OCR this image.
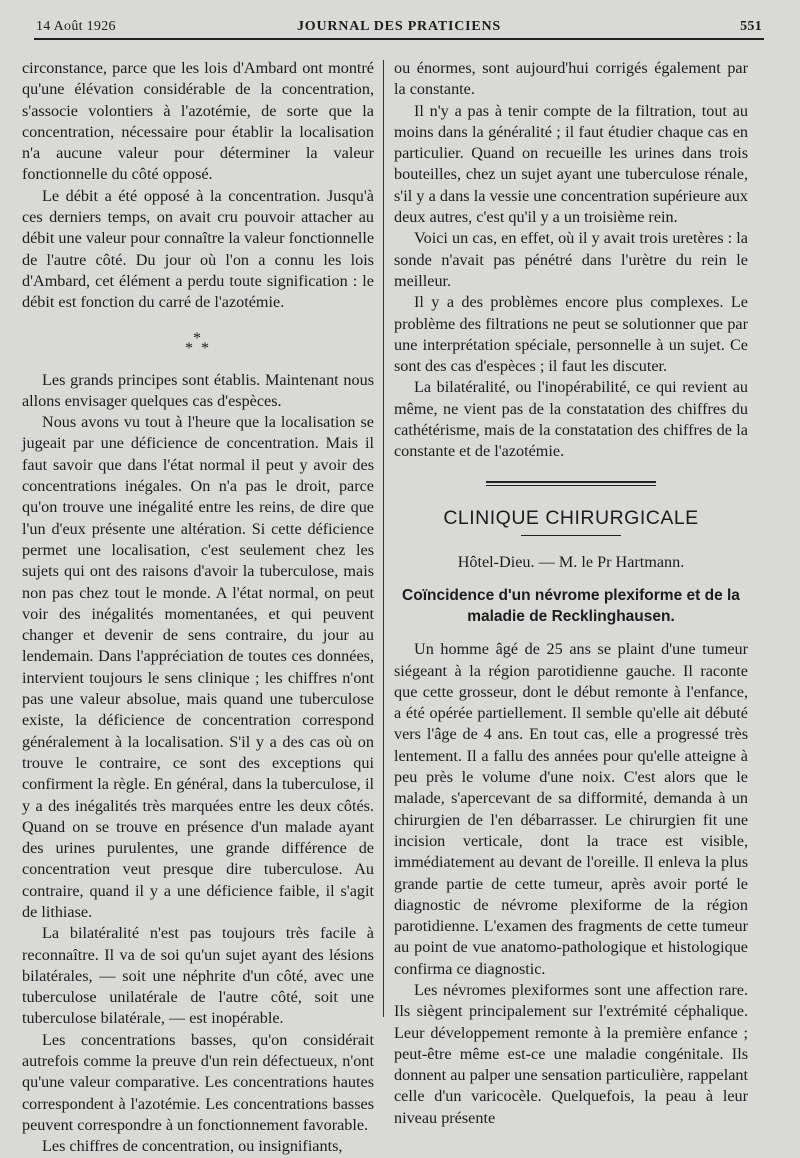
14 Août 1926	JOURNAL DES PRATICIENS	551

circonstance, parce que les lois d'Ambard ont montré qu'une élévation considérable de la concentration, s'associe volontiers à l'azotémie, de sorte que la concentration, nécessaire pour établir la localisation n'a aucune valeur pour déterminer la valeur fonctionnelle du côté opposé.

Le débit a été opposé à la concentration. Jusqu'à ces derniers temps, on avait cru pouvoir attacher au débit une valeur pour connaître la valeur fonctionnelle de l'autre côté. Du jour où l'on a connu les lois d'Ambard, cet élément a perdu toute signification : le débit est fonction du carré de l'azotémie.

*
* *

Les grands principes sont établis. Maintenant nous allons envisager quelques cas d'espèces.

Nous avons vu tout à l'heure que la localisation se jugeait par une déficience de concentration. Mais il faut savoir que dans l'état normal il peut y avoir des concentrations inégales. On n'a pas le droit, parce qu'on trouve une inégalité entre les reins, de dire que l'un d'eux présente une altération. Si cette déficience permet une localisation, c'est seulement chez les sujets qui ont des raisons d'avoir la tuberculose, mais non pas chez tout le monde. A l'état normal, on peut voir des inégalités momentanées, et qui peuvent changer et devenir de sens contraire, du jour au lendemain. Dans l'appréciation de toutes ces données, intervient toujours le sens clinique ; les chiffres n'ont pas une valeur absolue, mais quand une tuberculose existe, la déficience de concentration correspond généralement à la localisation. S'il y a des cas où on trouve le contraire, ce sont des exceptions qui confirment la règle. En général, dans la tuberculose, il y a des inégalités très marquées entre les deux côtés. Quand on se trouve en présence d'un malade ayant des urines purulentes, une grande différence de concentration veut presque dire tuberculose. Au contraire, quand il y a une déficience faible, il s'agit de lithiase.

La bilatéralité n'est pas toujours très facile à reconnaître. Il va de soi qu'un sujet ayant des lésions bilatérales, — soit une néphrite d'un côté, avec une tuberculose unilatérale de l'autre côté, soit une tuberculose bilatérale, — est inopérable.

Les concentrations basses, qu'on considérait autrefois comme la preuve d'un rein défectueux, n'ont qu'une valeur comparative. Les concentrations hautes correspondent à l'azotémie. Les concentrations basses peuvent correspondre à un fonctionnement favorable.

Les chiffres de concentration, ou insignifiants,

ou énormes, sont aujourd'hui corrigés également par la constante.

Il n'y a pas à tenir compte de la filtration, tout au moins dans la généralité ; il faut étudier chaque cas en particulier. Quand on recueille les urines dans trois bouteilles, chez un sujet ayant une tuberculose rénale, s'il y a dans la vessie une concentration supérieure aux deux autres, c'est qu'il y a un troisième rein.

Voici un cas, en effet, où il y avait trois uretères : la sonde n'avait pas pénétré dans l'urètre du rein le meilleur.

Il y a des problèmes encore plus complexes. Le problème des filtrations ne peut se solutionner que par une interprétation spéciale, personnelle à un sujet. Ce sont des cas d'espèces ; il faut les discuter.

La bilatéralité, ou l'inopérabilité, ce qui revient au même, ne vient pas de la constatation des chiffres du cathétérisme, mais de la constatation des chiffres de la constante et de l'azotémie.

CLINIQUE CHIRURGICALE
Hôtel-Dieu. — M. le Pr Hartmann.
Coïncidence d'un névrome plexiforme et de la maladie de Recklinghausen.

Un homme âgé de 25 ans se plaint d'une tumeur siégeant à la région parotidienne gauche. Il raconte que cette grosseur, dont le début remonte à l'enfance, a été opérée partiellement. Il semble qu'elle ait débuté vers l'âge de 4 ans. En tout cas, elle a progressé très lentement. Il a fallu des années pour qu'elle atteigne à peu près le volume d'une noix. C'est alors que le malade, s'apercevant de sa difformité, demanda à un chirurgien de l'en débarrasser. Le chirurgien fit une incision verticale, dont la trace est visible, immédiatement au devant de l'oreille. Il enleva la plus grande partie de cette tumeur, après avoir porté le diagnostic de névrome plexiforme de la région parotidienne. L'examen des fragments de cette tumeur au point de vue anatomo-pathologique et histologique confirma ce diagnostic.

Les névromes plexiformes sont une affection rare. Ils siègent principalement sur l'extrémité céphalique. Leur développement remonte à la première enfance ; peut-être même est-ce une maladie congénitale. Ils donnent au palper une sensation particulière, rappelant celle d'un varicocèle. Quelquefois, la peau à leur niveau présente
